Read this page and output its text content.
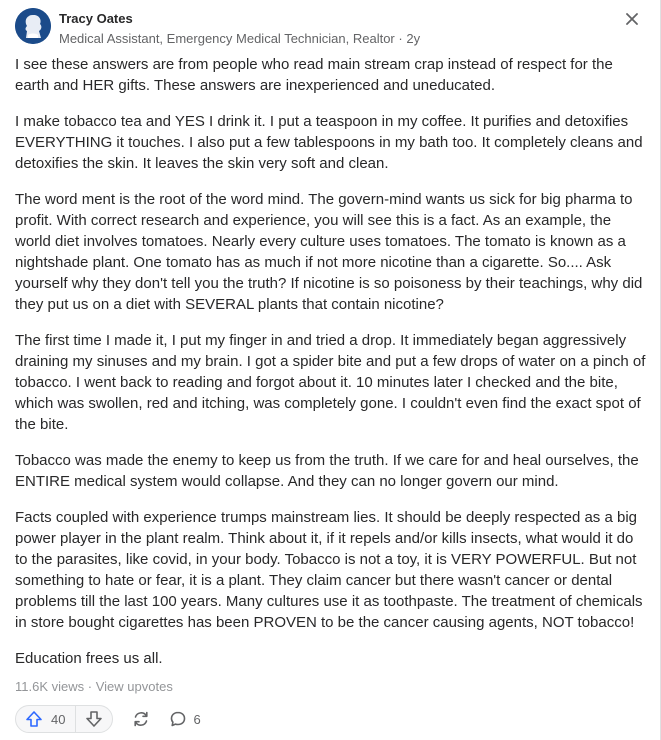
Tracy Oates
Medical Assistant, Emergency Medical Technician, Realtor · 2y

I see these answers are from people who read main stream crap instead of respect for the earth and HER gifts. These answers are inexperienced and uneducated.

I make tobacco tea and YES I drink it. I put a teaspoon in my coffee. It purifies and detoxifies EVERYTHING it touches. I also put a few tablespoons in my bath too. It completely cleans and detoxifies the skin. It leaves the skin very soft and clean.

The word ment is the root of the word mind. The govern-mind wants us sick for big pharma to profit. With correct research and experience, you will see this is a fact. As an example, the world diet involves tomatoes. Nearly every culture uses tomatoes. The tomato is known as a nightshade plant. One tomato has as much if not more nicotine than a cigarette. So.... Ask yourself why they don't tell you the truth? If nicotine is so poisoness by their teachings, why did they put us on a diet with SEVERAL plants that contain nicotine?

The first time I made it, I put my finger in and tried a drop. It immediately began aggressively draining my sinuses and my brain. I got a spider bite and put a few drops of water on a pinch of tobacco. I went back to reading and forgot about it. 10 minutes later I checked and the bite, which was swollen, red and itching, was completely gone. I couldn't even find the exact spot of the bite.

Tobacco was made the enemy to keep us from the truth. If we care for and heal ourselves, the ENTIRE medical system would collapse. And they can no longer govern our mind.

Facts coupled with experience trumps mainstream lies. It should be deeply respected as a big power player in the plant realm. Think about it, if it repels and/or kills insects, what would it do to the parasites, like covid, in your body. Tobacco is not a toy, it is VERY POWERFUL. But not something to hate or fear, it is a plant. They claim cancer but there wasn't cancer or dental problems till the last 100 years. Many cultures use it as toothpaste. The treatment of chemicals in store bought cigarettes has been PROVEN to be the cancer causing agents, NOT tobacco!

Education frees us all.

11.6K views · View upvotes
40	6
